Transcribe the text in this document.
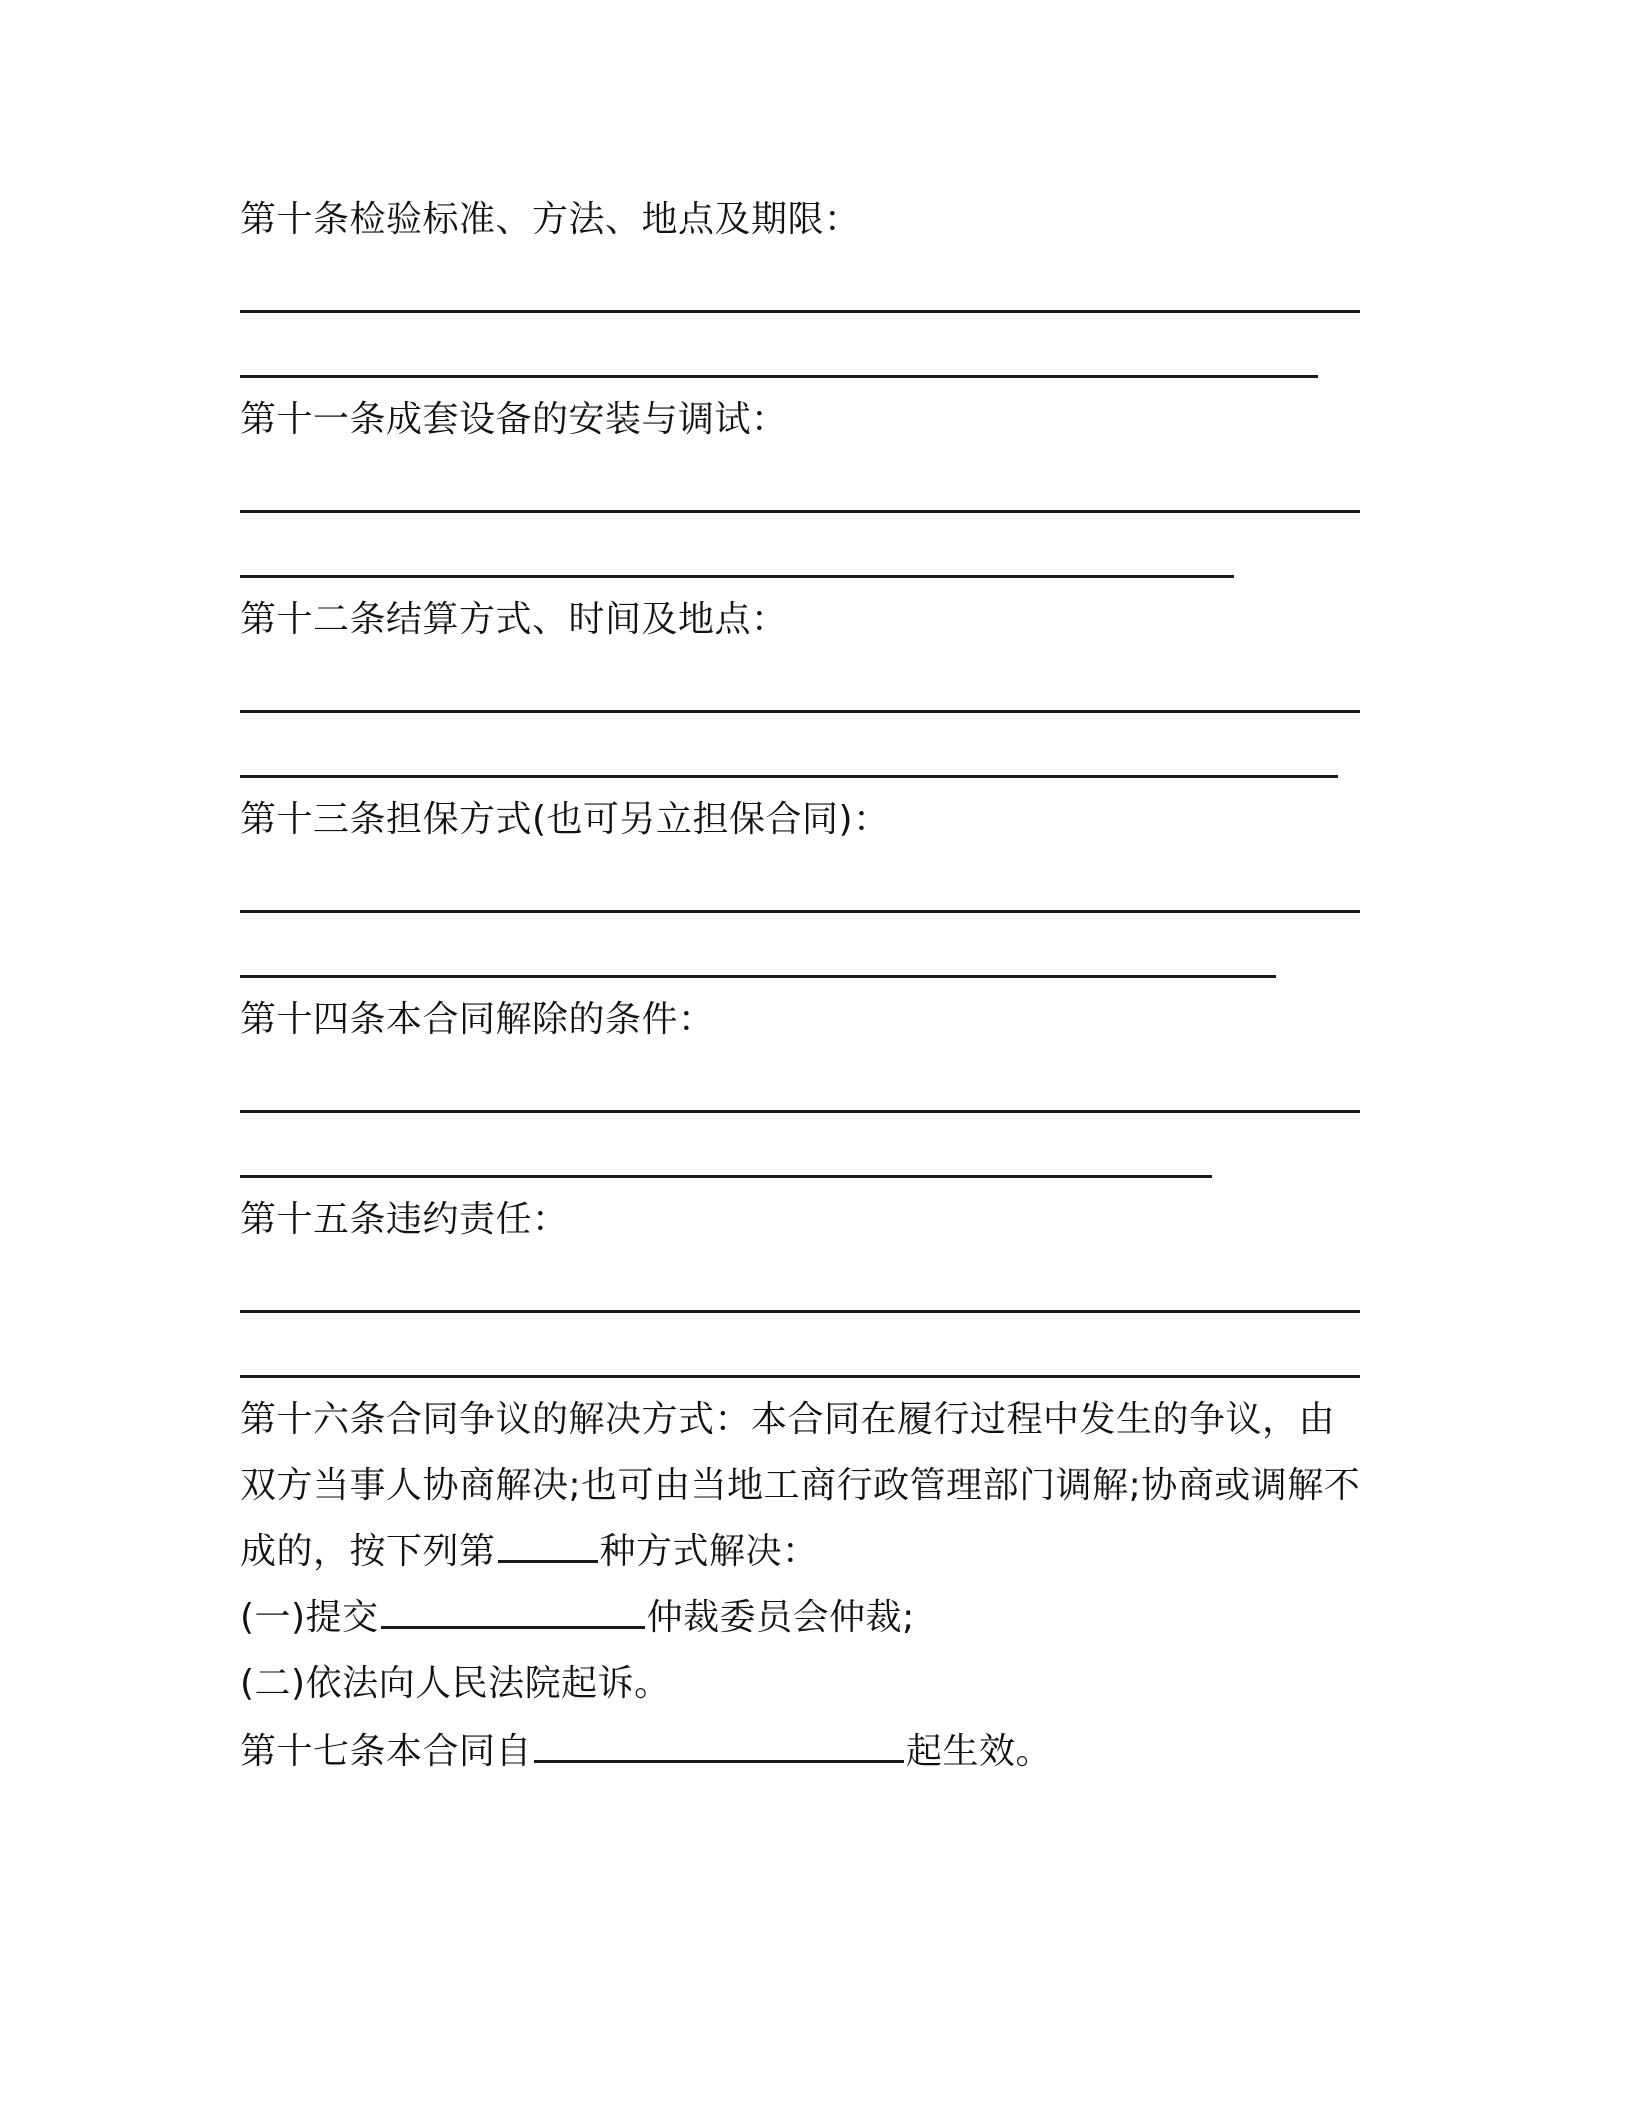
第十条检验标准、方法、地点及期限：
第十一条成套设备的安装与调试：
第十二条结算方式、时间及地点：
第十三条担保方式(也可另立担保合同)：
第十四条本合同解除的条件：
第十五条违约责任：
第十六条合同争议的解决方式：本合同在履行过程中发生的争议，由
双方当事人协商解决;也可由当地工商行政管理部门调解;协商或调解不
成的，按下列第	种方式解决：
(一)提交	仲裁委员会仲裁;
(二)依法向人民法院起诉。
第十七条本合同自	起生效。
